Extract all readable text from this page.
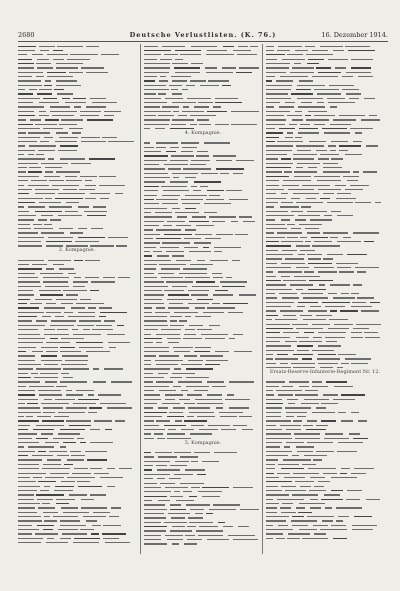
2680	Deutsche Verlustlisten. (K. 76.)	16. Dezember 1914.
2. Kompagnie.
4. Kompagnie.
5. Kompagnie.
Ersatz-Reserve-Infanterie-Regiment Nr. 12.
